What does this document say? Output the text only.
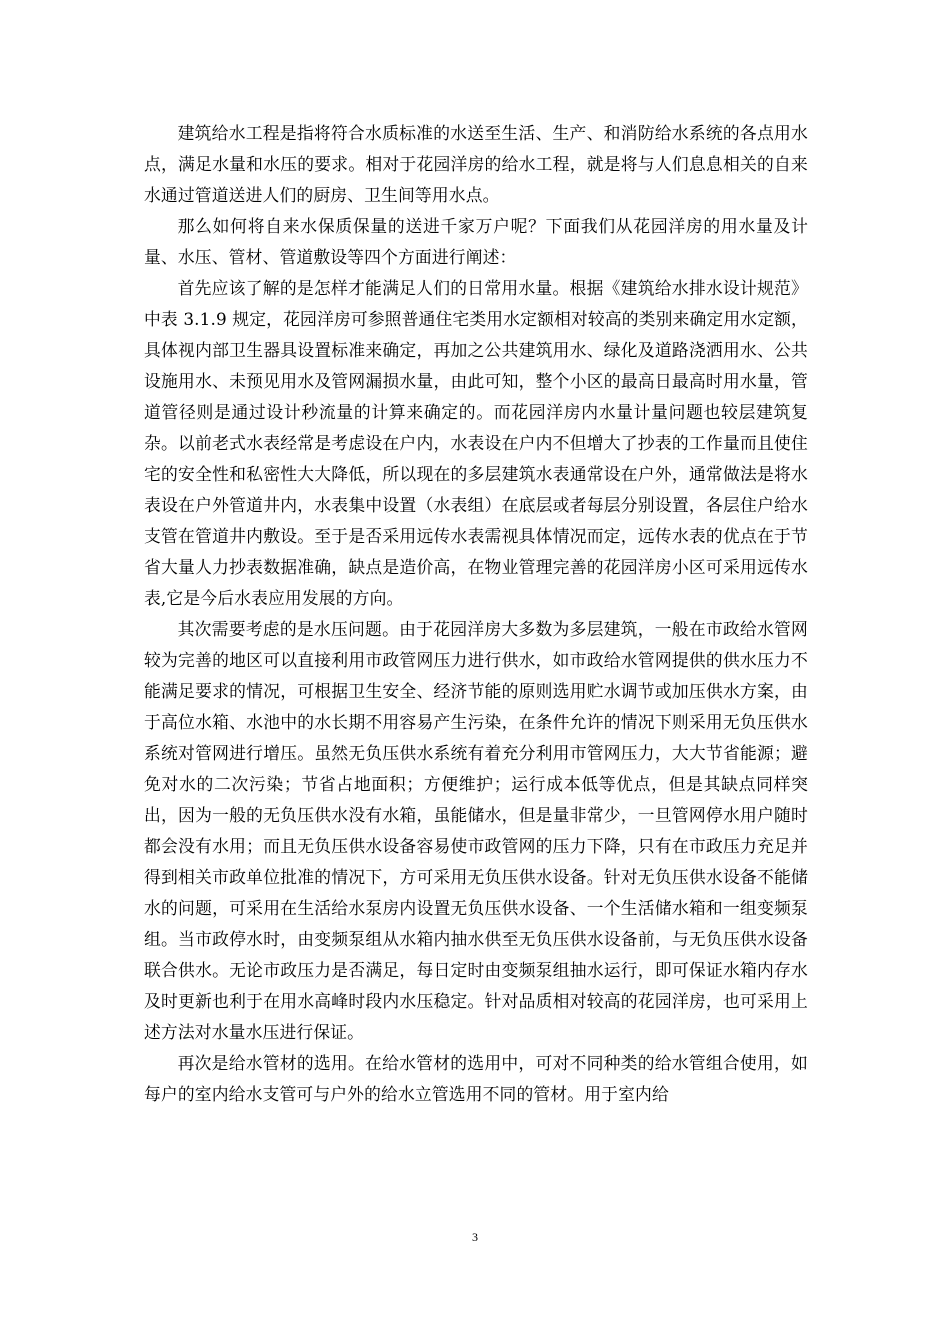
建筑给水工程是指将符合水质标准的水送至生活、生产、和消防给水系统的各点用水点，满足水量和水压的要求。相对于花园洋房的给水工程，就是将与人们息息相关的自来水通过管道送进人们的厨房、卫生间等用水点。

那么如何将自来水保质保量的送进千家万户呢？下面我们从花园洋房的用水量及计量、水压、管材、管道敷设等四个方面进行阐述：

首先应该了解的是怎样才能满足人们的日常用水量。根据《建筑给水排水设计规范》中表 3.1.9 规定，花园洋房可参照普通住宅类用水定额相对较高的类别来确定用水定额，具体视内部卫生器具设置标准来确定，再加之公共建筑用水、绿化及道路浇洒用水、公共设施用水、未预见用水及管网漏损水量，由此可知，整个小区的最高日最高时用水量，管道管径则是通过设计秒流量的计算来确定的。而花园洋房内水量计量问题也较层建筑复杂。以前老式水表经常是考虑设在户内，水表设在户内不但增大了抄表的工作量而且使住宅的安全性和私密性大大降低，所以现在的多层建筑水表通常设在户外，通常做法是将水表设在户外管道井内，水表集中设置（水表组）在底层或者每层分别设置，各层住户给水支管在管道井内敷设。至于是否采用远传水表需视具体情况而定，远传水表的优点在于节省大量人力抄表数据准确，缺点是造价高，在物业管理完善的花园洋房小区可采用远传水表,它是今后水表应用发展的方向。

其次需要考虑的是水压问题。由于花园洋房大多数为多层建筑，一般在市政给水管网较为完善的地区可以直接利用市政管网压力进行供水，如市政给水管网提供的供水压力不能满足要求的情况，可根据卫生安全、经济节能的原则选用贮水调节或加压供水方案，由于高位水箱、水池中的水长期不用容易产生污染，在条件允许的情况下则采用无负压供水系统对管网进行增压。虽然无负压供水系统有着充分利用市管网压力，大大节省能源；避免对水的二次污染；节省占地面积；方便维护；运行成本低等优点，但是其缺点同样突出，因为一般的无负压供水没有水箱，虽能储水，但是量非常少，一旦管网停水用户随时都会没有水用；而且无负压供水设备容易使市政管网的压力下降，只有在市政压力充足并得到相关市政单位批准的情况下，方可采用无负压供水设备。针对无负压供水设备不能储水的问题，可采用在生活给水泵房内设置无负压供水设备、一个生活储水箱和一组变频泵组。当市政停水时，由变频泵组从水箱内抽水供至无负压供水设备前，与无负压供水设备联合供水。无论市政压力是否满足，每日定时由变频泵组抽水运行，即可保证水箱内存水及时更新也利于在用水高峰时段内水压稳定。针对品质相对较高的花园洋房，也可采用上述方法对水量水压进行保证。

再次是给水管材的选用。在给水管材的选用中，可对不同种类的给水管组合使用，如每户的室内给水支管可与户外的给水立管选用不同的管材。用于室内给

3
